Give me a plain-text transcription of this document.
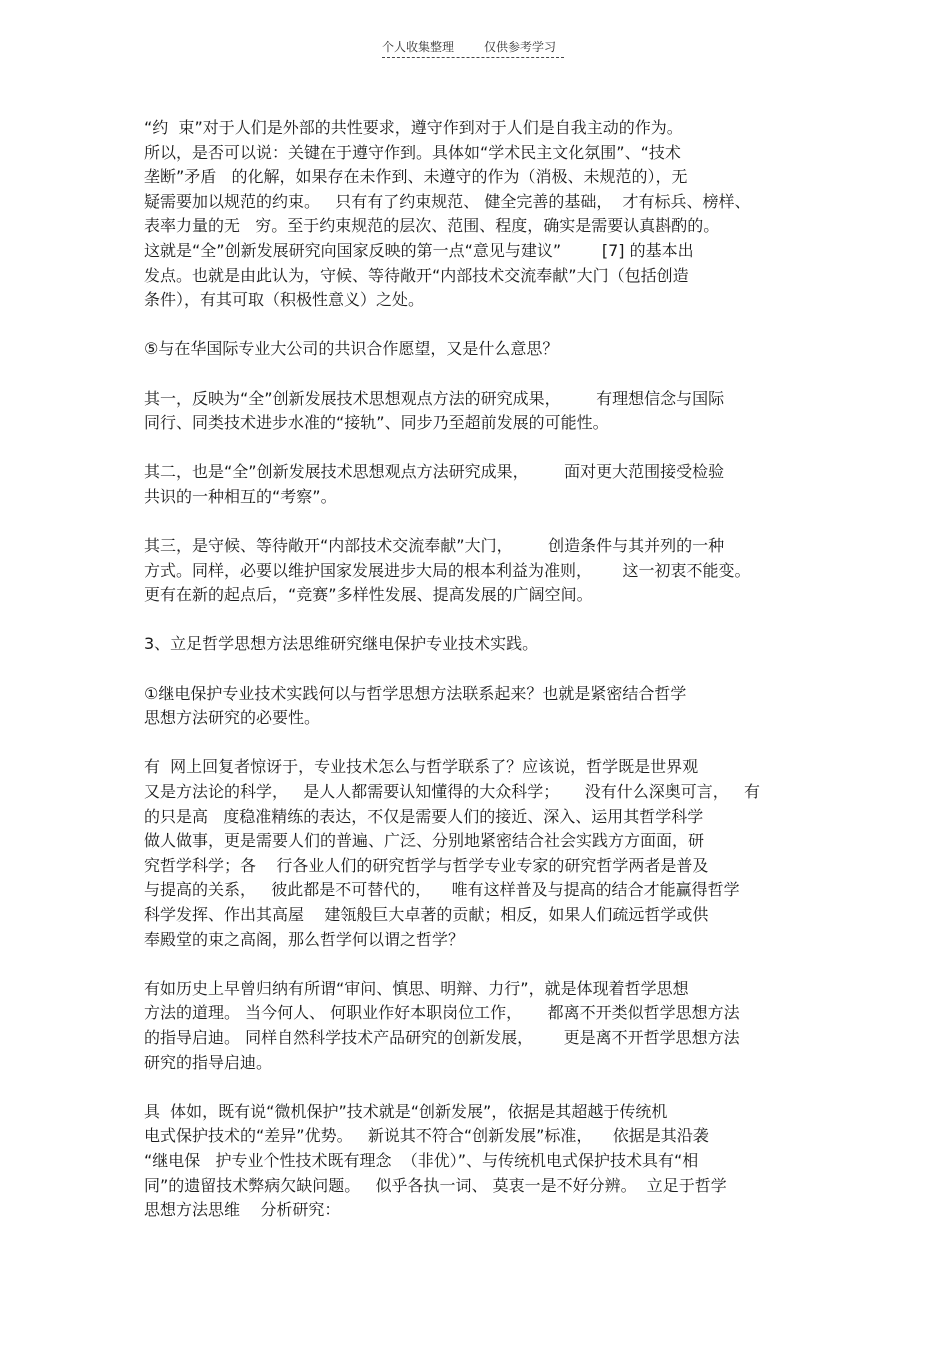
个人收集整理 仅供参考学习
“约  束”对于人们是外部的共性要求，遵守作到对于人们是自我主动的作为。
所以，是否可以说：关键在于遵守作到。具体如“学术民主文化氛围”、“技术
垄断”矛盾   的化解，如果存在未作到、未遵守的作为（消极、未规范的），无
疑需要加以规范的约束。   只有有了约束规范、 健全完善的基础，  才有标兵、榜样、
表率力量的无   穷。至于约束规范的层次、范围、程度，确实是需要认真斟酌的。
这就是“全”创新发展研究向国家反映的第一点“意见与建议”        [7] 的基本出
发点。也就是由此认为，守候、等待敞开“内部技术交流奉献”大门（包括创造
条件），有其可取（积极性意义）之处。
⑤与在华国际专业大公司的共识合作愿望，又是什么意思？
其一，反映为“全”创新发展技术思想观点方法的研究成果，       有理想信念与国际
同行、同类技术进步水准的“接轨”、同步乃至超前发展的可能性。
其二，也是“全”创新发展技术思想观点方法研究成果，       面对更大范围接受检验
共识的一种相互的“考察”。
其三，是守候、等待敞开“内部技术交流奉献”大门，       创造条件与其并列的一种
方式。同样，必要以维护国家发展进步大局的根本利益为准则，      这一初衷不能变。
更有在新的起点后，“竞赛”多样性发展、提高发展的广阔空间。
3、立足哲学思想方法思维研究继电保护专业技术实践。
①继电保护专业技术实践何以与哲学思想方法联系起来？也就是紧密结合哲学
思想方法研究的必要性。
有  网上回复者惊讶于，专业技术怎么与哲学联系了？应该说，哲学既是世界观
又是方法论的科学，   是人人都需要认知懂得的大众科学；     没有什么深奥可言，   有
的只是高   度稳准精练的表达，不仅是需要人们的接近、深入、运用其哲学科学
做人做事，更是需要人们的普遍、广泛、分别地紧密结合社会实践方方面面，研
究哲学科学；各    行各业人们的研究哲学与哲学专业专家的研究哲学两者是普及
与提高的关系，   彼此都是不可替代的，    唯有这样普及与提高的结合才能赢得哲学
科学发挥、作出其高屋    建瓴般巨大卓著的贡献；相反，如果人们疏远哲学或供
奉殿堂的束之高阁，那么哲学何以谓之哲学？
有如历史上早曾归纳有所谓“审问、慎思、明辩、力行”，就是体现着哲学思想
方法的道理。 当今何人、 何职业作好本职岗位工作，     都离不开类似哲学思想方法
的指导启迪。 同样自然科学技术产品研究的创新发展，      更是离不开哲学思想方法
研究的指导启迪。
具  体如，既有说“微机保护”技术就是“创新发展”，依据是其超越于传统机
电式保护技术的“差异”优势。   新说其不符合“创新发展”标准，    依据是其沿袭
“继电保   护专业个性技术既有理念  （非优）”、与传统机电式保护技术具有“相
同”的遗留技术弊病欠缺问题。   似乎各执一词、 莫衷一是不好分辨。  立足于哲学
思想方法思维    分析研究：
